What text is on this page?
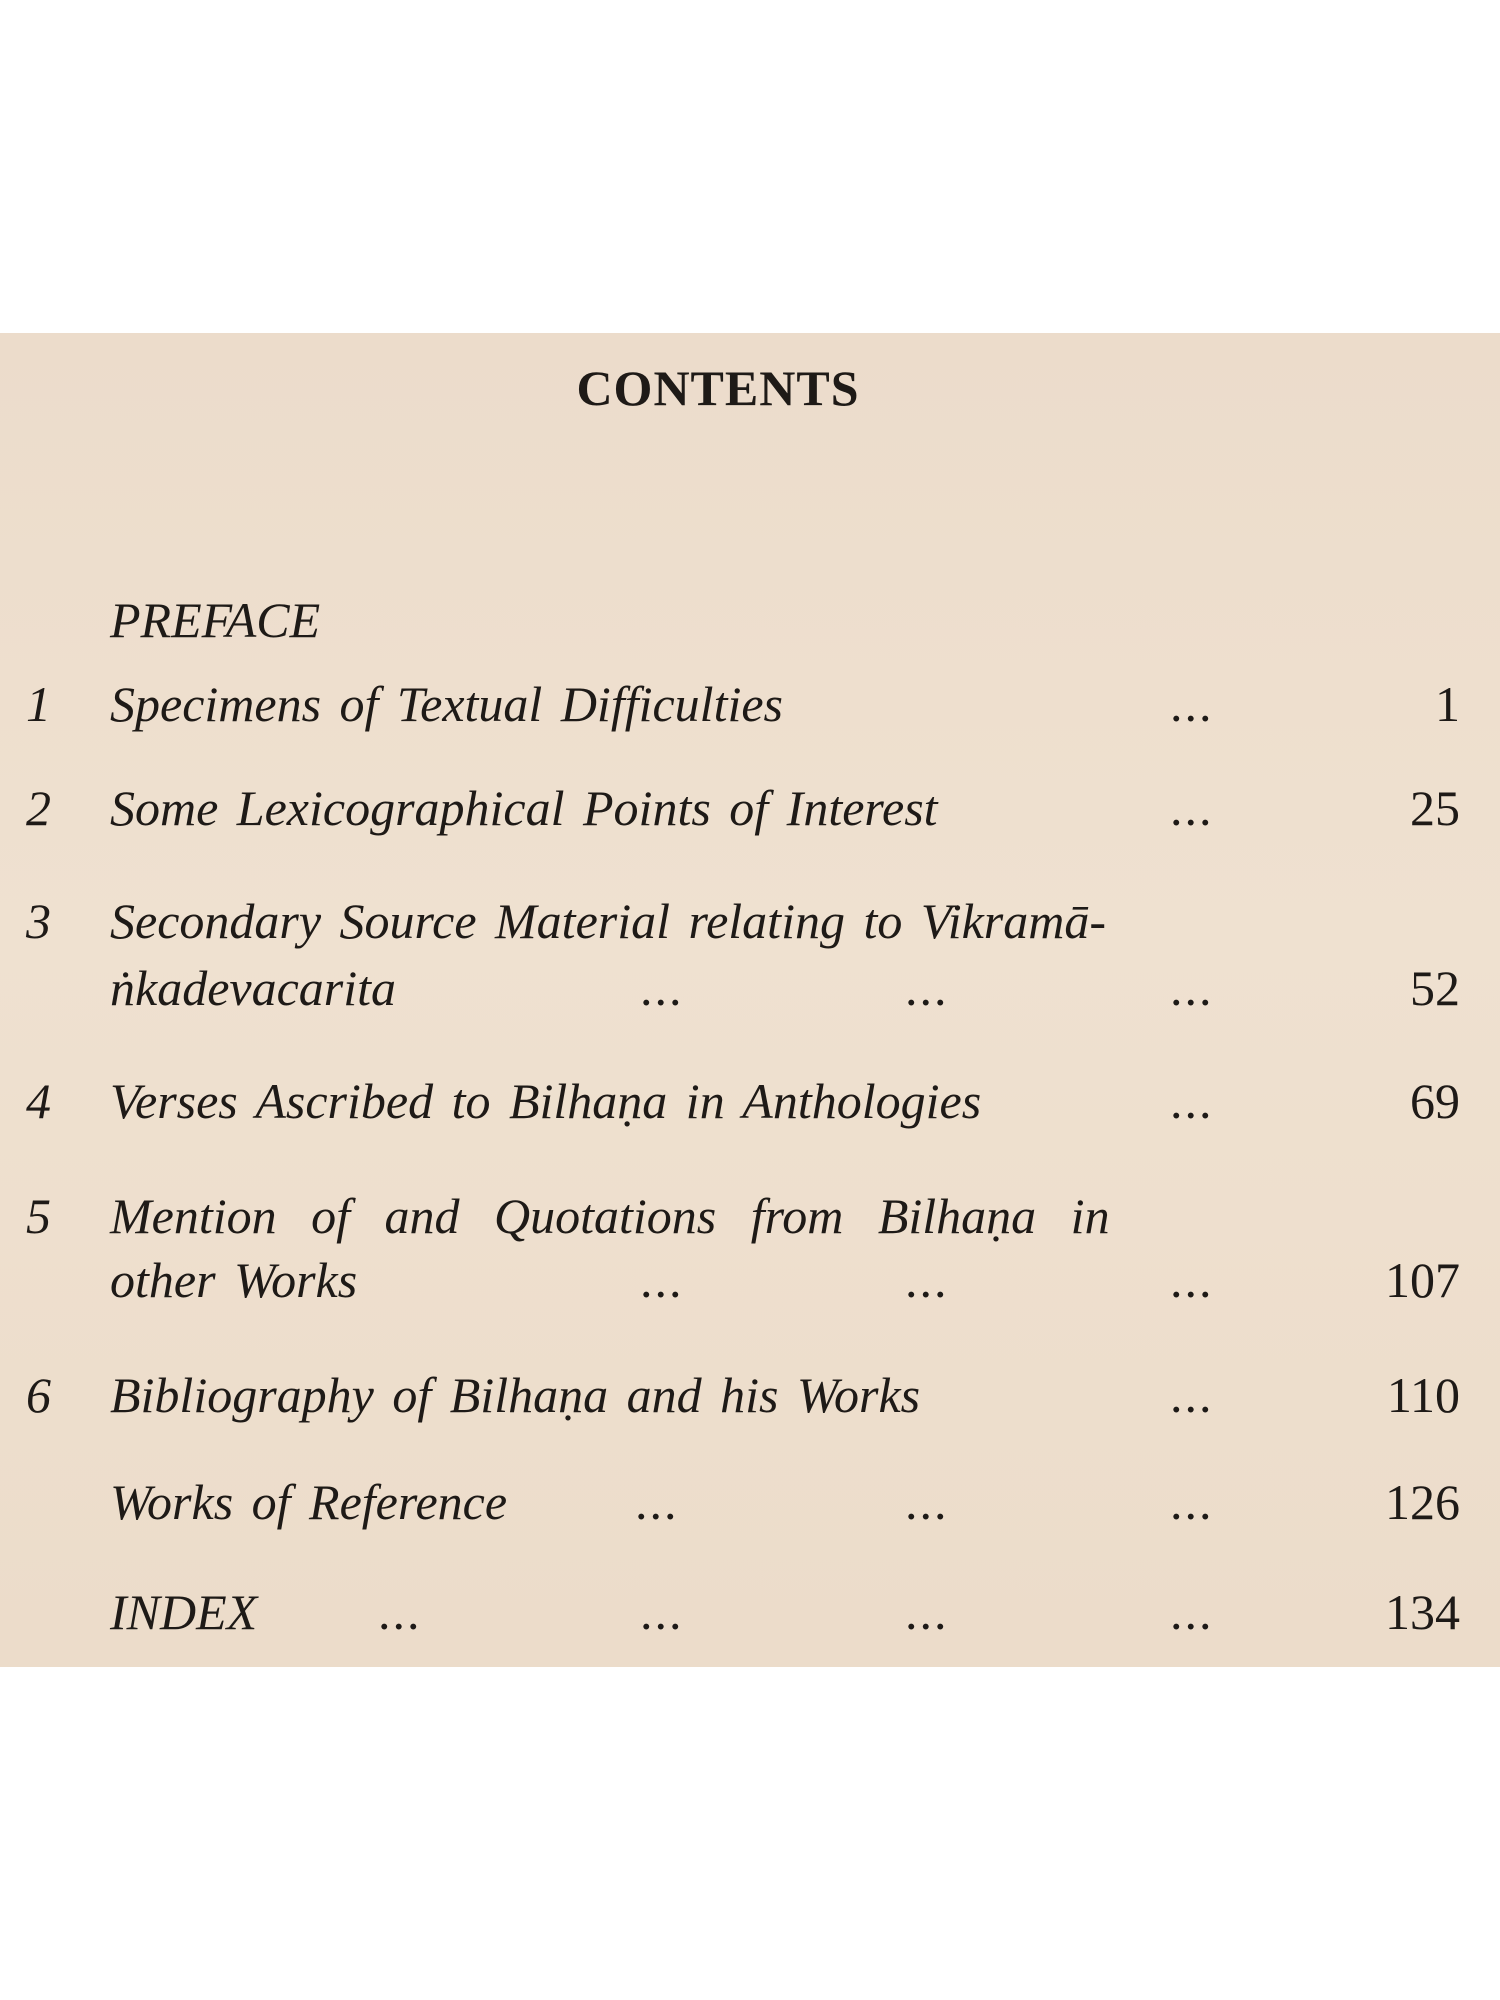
CONTENTS
PREFACE
1	Specimens of Textual Difficulties	...	1
2	Some Lexicographical Points of Interest	...	25
3	Secondary Source Material relating to Vikramā-
ṅkadevacarita	...	...	...	52
4	Verses Ascribed to Bilhaṇa in Anthologies	...	69
5	Mention of and Quotations from Bilhaṇa in
other Works	...	...	...	107
6	Bibliography of Bilhaṇa and his Works	...	110
Works of Reference	...	...	...	126
INDEX	...	...	...	...	134
